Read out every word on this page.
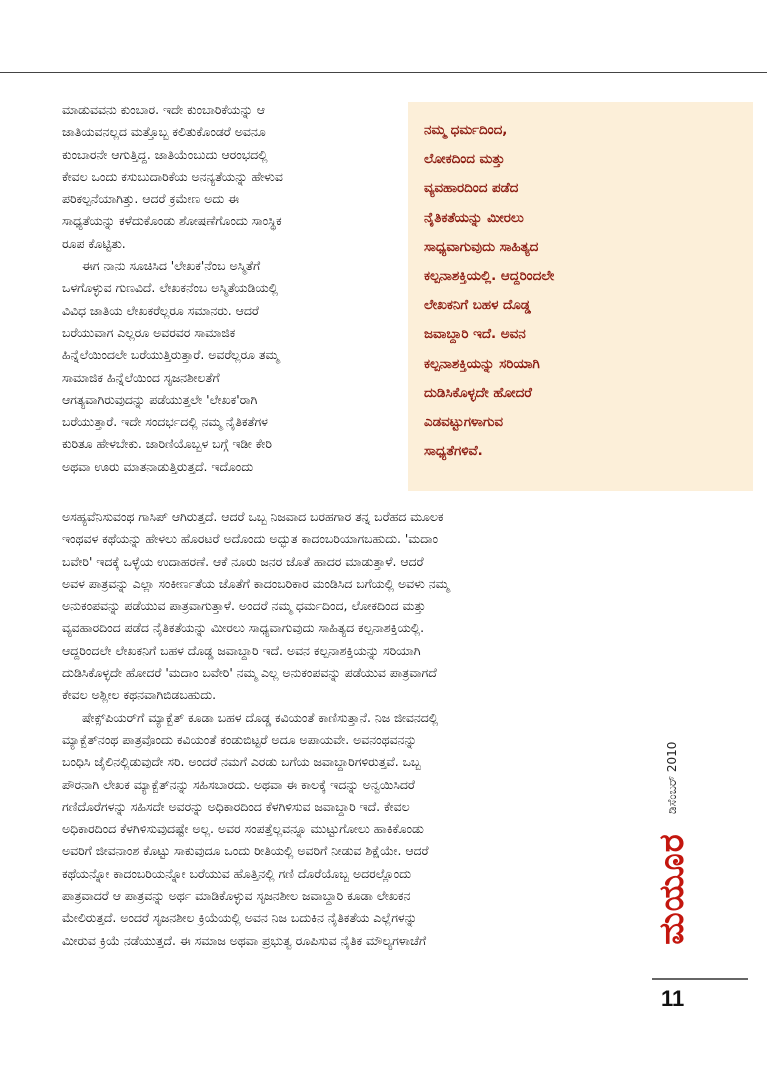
ಮಾಡುವವನು ಕುಂಬಾರ. ಇದೇ ಕುಂಬಾರಿಕೆಯನ್ನು ಆ
ಜಾತಿಯವನಲ್ಲದ ಮತ್ತೊಬ್ಬ ಕಲಿತುಕೊಂಡರೆ ಅವನೂ
ಕುಂಬಾರನೇ ಆಗುತ್ತಿದ್ದ. ಜಾತಿಯೆಂಬುದು ಆರಂಭದಲ್ಲಿ
ಕೇವಲ ಒಂದು ಕಸುಬುದಾರಿಕೆಯ ಅನನ್ಯತೆಯನ್ನು ಹೇಳುವ
ಪರಿಕಲ್ಪನೆಯಾಗಿತ್ತು. ಆದರೆ ಕ್ರಮೇಣ ಅದು ಈ
ಸಾಧ್ಯತೆಯನ್ನು ಕಳೆದುಕೊಂಡು ಶೋಷಣೆಗೊಂದು ಸಾಂಸ್ಥಿಕ
ರೂಪ ಕೊಟ್ಟಿತು.
ಈಗ ನಾನು ಸೂಚಿಸಿದ 'ಲೇಖಕ'ನೆಂಬ ಅಸ್ಮಿತೆಗೆ
ಒಳಗೊಳ್ಳುವ ಗುಣವಿದೆ. ಲೇಖಕನೆಂಬ ಅಸ್ಮಿತೆಯಡಿಯಲ್ಲಿ
ವಿವಿಧ ಜಾತಿಯ ಲೇಖಕರೆಲ್ಲರೂ ಸಮಾನರು. ಆದರೆ
ಬರೆಯುವಾಗ ಎಲ್ಲರೂ ಅವರವರ ಸಾಮಾಜಿಕ
ಹಿನ್ನೆಲೆಯಿಂದಲೇ ಬರೆಯುತ್ತಿರುತ್ತಾರೆ. ಅವರೆಲ್ಲರೂ ತಮ್ಮ
ಸಾಮಾಜಿಕ ಹಿನ್ನೆಲೆಯಿಂದ ಸೃಜನಶೀಲತೆಗೆ
ಆಗತ್ಯವಾಗಿರುವುದನ್ನು ಪಡೆಯುತ್ತಲೇ 'ಲೇಖಕ'ರಾಗಿ
ಬರೆಯುತ್ತಾರೆ. ಇದೇ ಸಂದರ್ಭದಲ್ಲಿ ನಮ್ಮ ನೈತಿಕತೆಗಳ
ಕುರಿತೂ ಹೇಳಬೇಕು. ಜಾರಿಣಿಯೊಬ್ಬಳ ಬಗ್ಗೆ ಇಡೀ ಕೇರಿ
ಅಥವಾ ಊರು ಮಾತನಾಡುತ್ತಿರುತ್ತದೆ. ಇದೊಂದು
ನಮ್ಮ ಧರ್ಮದಿಂದ,
ಲೋಕದಿಂದ ಮತ್ತು
ವ್ಯವಹಾರದಿಂದ ಪಡೆದ
ನೈತಿಕತೆಯನ್ನು ಮೀರಲು
ಸಾಧ್ಯವಾಗುವುದು ಸಾಹಿತ್ಯದ
ಕಲ್ಪನಾಶಕ್ತಿಯಲ್ಲಿ. ಆದ್ದರಿಂದಲೇ
ಲೇಖಕನಿಗೆ ಬಹಳ ದೊಡ್ಡ
ಜವಾಬ್ದಾರಿ ಇದೆ. ಅವನ
ಕಲ್ಪನಾಶಕ್ತಿಯನ್ನು ಸರಿಯಾಗಿ
ದುಡಿಸಿಕೊಳ್ಳದೇ ಹೋದರೆ
ಎಡವಟ್ಟುಗಳಾಗುವ
ಸಾಧ್ಯತೆಗಳಿವೆ.
ಅಸಹ್ಯವೆನಿಸುವಂಥ ಗಾಸಿಪ್ ಆಗಿರುತ್ತದೆ. ಆದರೆ ಒಬ್ಬ ನಿಜವಾದ ಬರಹಗಾರ ತನ್ನ ಬರೆಹದ ಮೂಲಕ
ಇಂಥವಳ ಕಥೆಯನ್ನು ಹೇಳಲು ಹೊರಟರೆ ಅದೊಂದು ಅದ್ಭುತ ಕಾದಂಬರಿಯಾಗಬಹುದು. 'ಮದಾಂ
ಬವೇರಿ' ಇದಕ್ಕೆ ಒಳ್ಳೆಯ ಉದಾಹರಣೆ. ಆಕೆ ನೂರು ಜನರ ಜೊತೆ ಹಾದರ ಮಾಡುತ್ತಾಳೆ. ಆದರೆ
ಅವಳ ಪಾತ್ರವನ್ನು ಎಲ್ಲಾ ಸಂಕೀರ್ಣತೆಯ ಜೊತೆಗೆ ಕಾದಂಬರಿಕಾರ ಮಂಡಿಸಿದ ಬಗೆಯಲ್ಲಿ ಅವಳು ನಮ್ಮ
ಅನುಕಂಪವನ್ನು ಪಡೆಯುವ ಪಾತ್ರವಾಗುತ್ತಾಳೆ. ಅಂದರೆ ನಮ್ಮ ಧರ್ಮದಿಂದ, ಲೋಕದಿಂದ ಮತ್ತು
ವ್ಯವಹಾರದಿಂದ ಪಡೆದ ನೈತಿಕತೆಯನ್ನು ಮೀರಲು ಸಾಧ್ಯವಾಗುವುದು ಸಾಹಿತ್ಯದ ಕಲ್ಪನಾಶಕ್ತಿಯಲ್ಲಿ.
ಆದ್ದರಿಂದಲೇ ಲೇಖಕನಿಗೆ ಬಹಳ ದೊಡ್ಡ ಜವಾಬ್ದಾರಿ ಇದೆ. ಅವನ ಕಲ್ಪನಾಶಕ್ತಿಯನ್ನು ಸರಿಯಾಗಿ
ದುಡಿಸಿಕೊಳ್ಳದೇ ಹೋದರೆ 'ಮದಾಂ ಬವೇರಿ' ನಮ್ಮ ಎಲ್ಲ ಅನುಕಂಪವನ್ನು ಪಡೆಯುವ ಪಾತ್ರವಾಗದೆ
ಕೇವಲ ಅಶ್ಲೀಲ ಕಥನವಾಗಿಬಿಡಬಹುದು.
ಷೇಕ್ಸ್‌ಪಿಯರ್‌ಗೆ ಮ್ಯಾಕ್ಬೆತ್ ಕೂಡಾ ಬಹಳ ದೊಡ್ಡ ಕವಿಯಂತೆ ಕಾಣಿಸುತ್ತಾನೆ. ನಿಜ ಜೀವನದಲ್ಲಿ
ಮ್ಯಾಕ್ಬೆತ್‌ನಂಥ ಪಾತ್ರವೊಂದು ಕವಿಯಂತೆ ಕಂಡುಬಿಟ್ಟರೆ ಅದೂ ಅಪಾಯವೇ. ಅವನಂಥವನನ್ನು
ಬಂಧಿಸಿ ಜೈಲಿನಲ್ಲಿಡುವುದೇ ಸರಿ. ಅಂದರೆ ನಮಗೆ ಎರಡು ಬಗೆಯ ಜವಾಬ್ದಾರಿಗಳಿರುತ್ತವೆ. ಒಬ್ಬ
ಪೌರನಾಗಿ ಲೇಖಕ ಮ್ಯಾಕ್ಬೆತ್‌ನನ್ನು ಸಹಿಸಬಾರದು. ಅಥವಾ ಈ ಕಾಲಕ್ಕೆ ಇದನ್ನು ಅನ್ವಯಿಸಿದರೆ
ಗಣಿದೊರೆಗಳನ್ನು ಸಹಿಸದೇ ಅವರನ್ನು ಅಧಿಕಾರದಿಂದ ಕೆಳಗಿಳಿಸುವ ಜವಾಬ್ದಾರಿ ಇದೆ. ಕೇವಲ
ಅಧಿಕಾರದಿಂದ ಕೆಳಗಿಳಿಸುವುದಷ್ಟೇ ಅಲ್ಲ. ಅವರ ಸಂಪತ್ತೆಲ್ಲವನ್ನೂ ಮುಟ್ಟುಗೋಲು ಹಾಕಿಕೊಂಡು
ಅವರಿಗೆ ಜೀವನಾಂಶ ಕೊಟ್ಟು ಸಾಕುವುದೂ ಒಂದು ರೀತಿಯಲ್ಲಿ ಅವರಿಗೆ ನೀಡುವ ಶಿಕ್ಷೆಯೇ. ಆದರೆ
ಕಥೆಯನ್ನೋ ಕಾದಂಬರಿಯನ್ನೋ ಬರೆಯುವ ಹೊತ್ತಿನಲ್ಲಿ ಗಣಿ ದೊರೆಯೊಬ್ಬ ಅದರಲ್ಲೊಂದು
ಪಾತ್ರವಾದರೆ ಆ ಪಾತ್ರವನ್ನು ಅರ್ಥ ಮಾಡಿಕೊಳ್ಳುವ ಸೃಜನಶೀಲ ಜವಾಬ್ದಾರಿ ಕೂಡಾ ಲೇಖಕನ
ಮೇಲಿರುತ್ತದೆ. ಅಂದರೆ ಸೃಜನಶೀಲ ಕ್ರಿಯೆಯಲ್ಲಿ ಅವನ ನಿಜ ಬದುಕಿನ ನೈತಿಕತೆಯ ಎಲ್ಲೆಗಳನ್ನು
ಮೀರುವ ಕ್ರಿಯೆ ನಡೆಯುತ್ತದೆ. ಈ ಸಮಾಜ ಅಥವಾ ಪ್ರಭುತ್ವ ರೂಪಿಸುವ ನೈತಿಕ ಮೌಲ್ಯಗಳಾಚೆಗೆ
ಡಿಸೆಂಬರ್ 2010
ಮಯೂರ
11
